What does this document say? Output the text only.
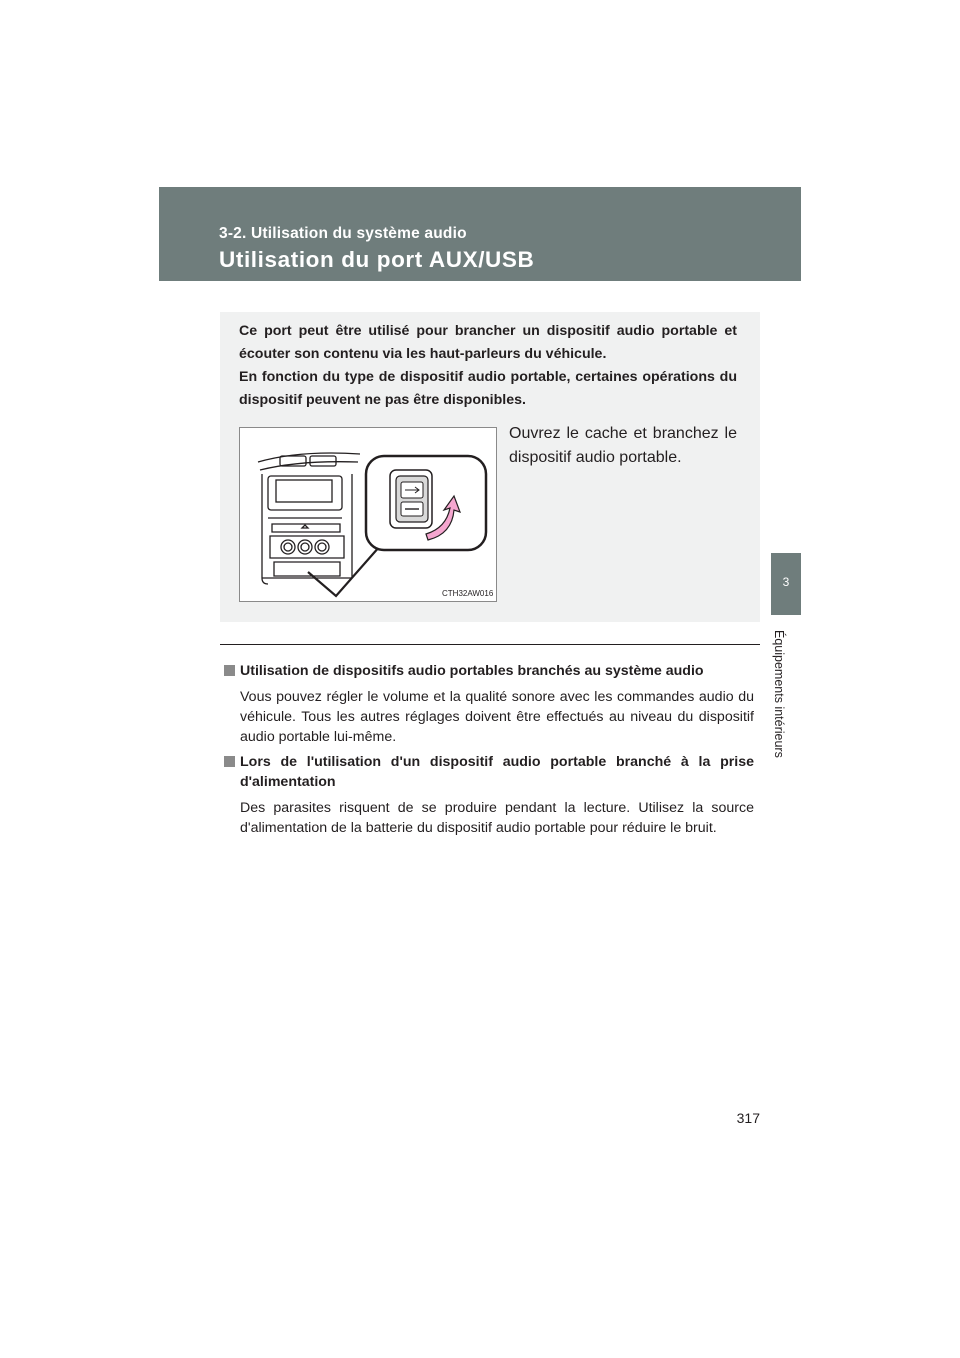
3-2. Utilisation du système audio
Utilisation du port AUX/USB
3
Équipements intérieurs

Ce port peut être utilisé pour brancher un dispositif audio portable et écouter son contenu via les haut-parleurs du véhicule.

En fonction du type de dispositif audio portable, certaines opérations du dispositif peuvent ne pas être disponibles.

CTH32AW016

Ouvrez le cache et branchez le dispositif audio portable.

Utilisation de dispositifs audio portables branchés au système audio
Vous pouvez régler le volume et la qualité sonore avec les commandes audio du véhicule. Tous les autres réglages doivent être effectués au niveau du dispositif audio portable lui-même.
Lors de l'utilisation d'un dispositif audio portable branché à la prise d'alimentation
Des parasites risquent de se produire pendant la lecture. Utilisez la source d'alimentation de la batterie du dispositif audio portable pour réduire le bruit.
317
